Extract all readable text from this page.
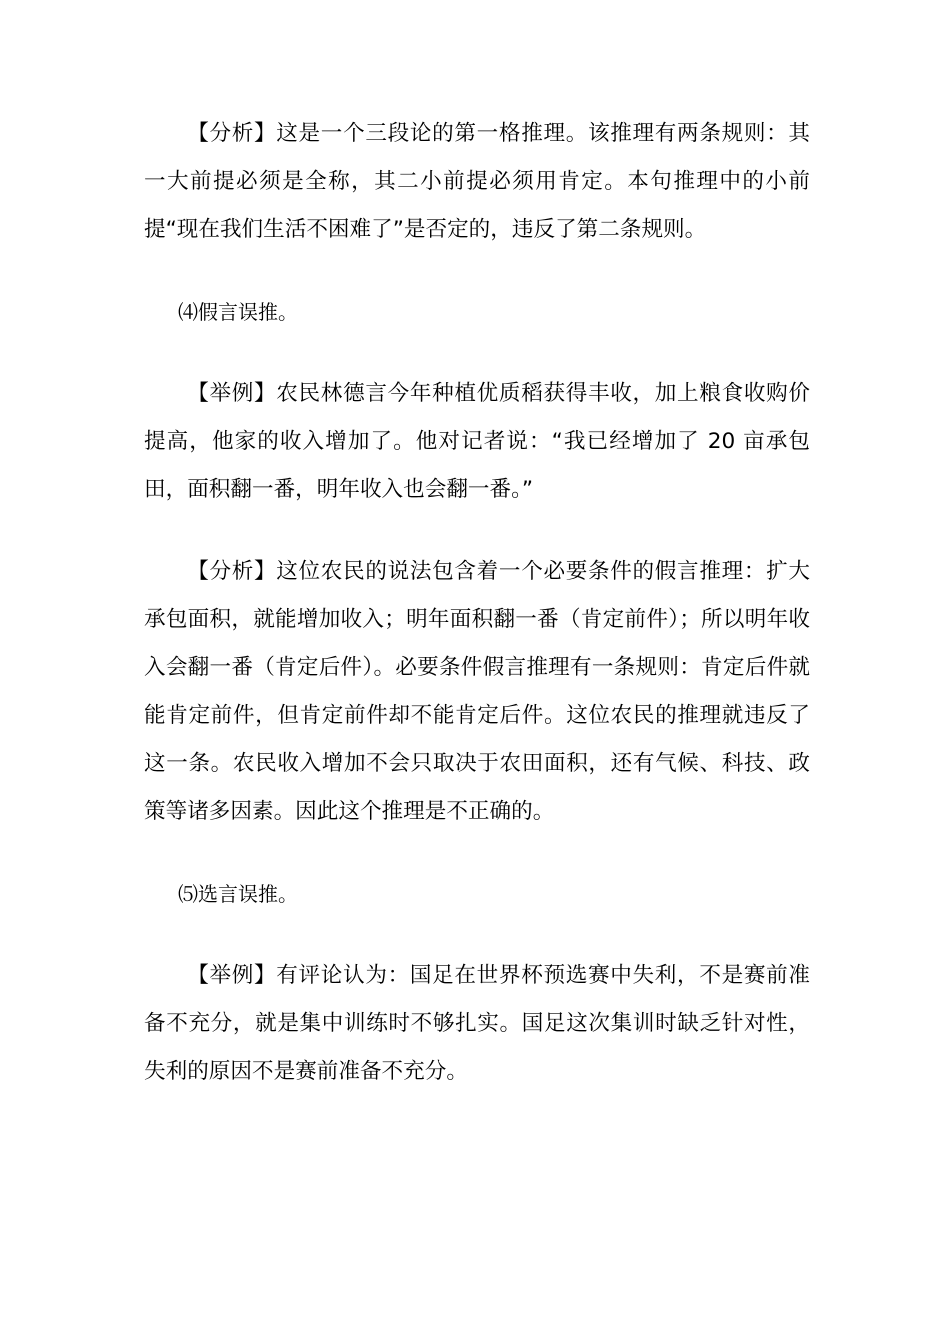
【分析】这是一个三段论的第一格推理。该推理有两条规则：其一大前提必须是全称，其二小前提必须用肯定。本句推理中的小前提“现在我们生活不困难了”是否定的，违反了第二条规则。

⑷假言误推。

【举例】农民林德言今年种植优质稻获得丰收，加上粮食收购价提高，他家的收入增加了。他对记者说：“我已经增加了 20 亩承包田，面积翻一番，明年收入也会翻一番。”

【分析】这位农民的说法包含着一个必要条件的假言推理：扩大承包面积，就能增加收入；明年面积翻一番（肯定前件）；所以明年收入会翻一番（肯定后件）。必要条件假言推理有一条规则：肯定后件就能肯定前件，但肯定前件却不能肯定后件。这位农民的推理就违反了这一条。农民收入增加不会只取决于农田面积，还有气候、科技、政策等诸多因素。因此这个推理是不正确的。

⑸选言误推。

【举例】有评论认为：国足在世界杯预选赛中失利，不是赛前准备不充分，就是集中训练时不够扎实。国足这次集训时缺乏针对性，失利的原因不是赛前准备不充分。
